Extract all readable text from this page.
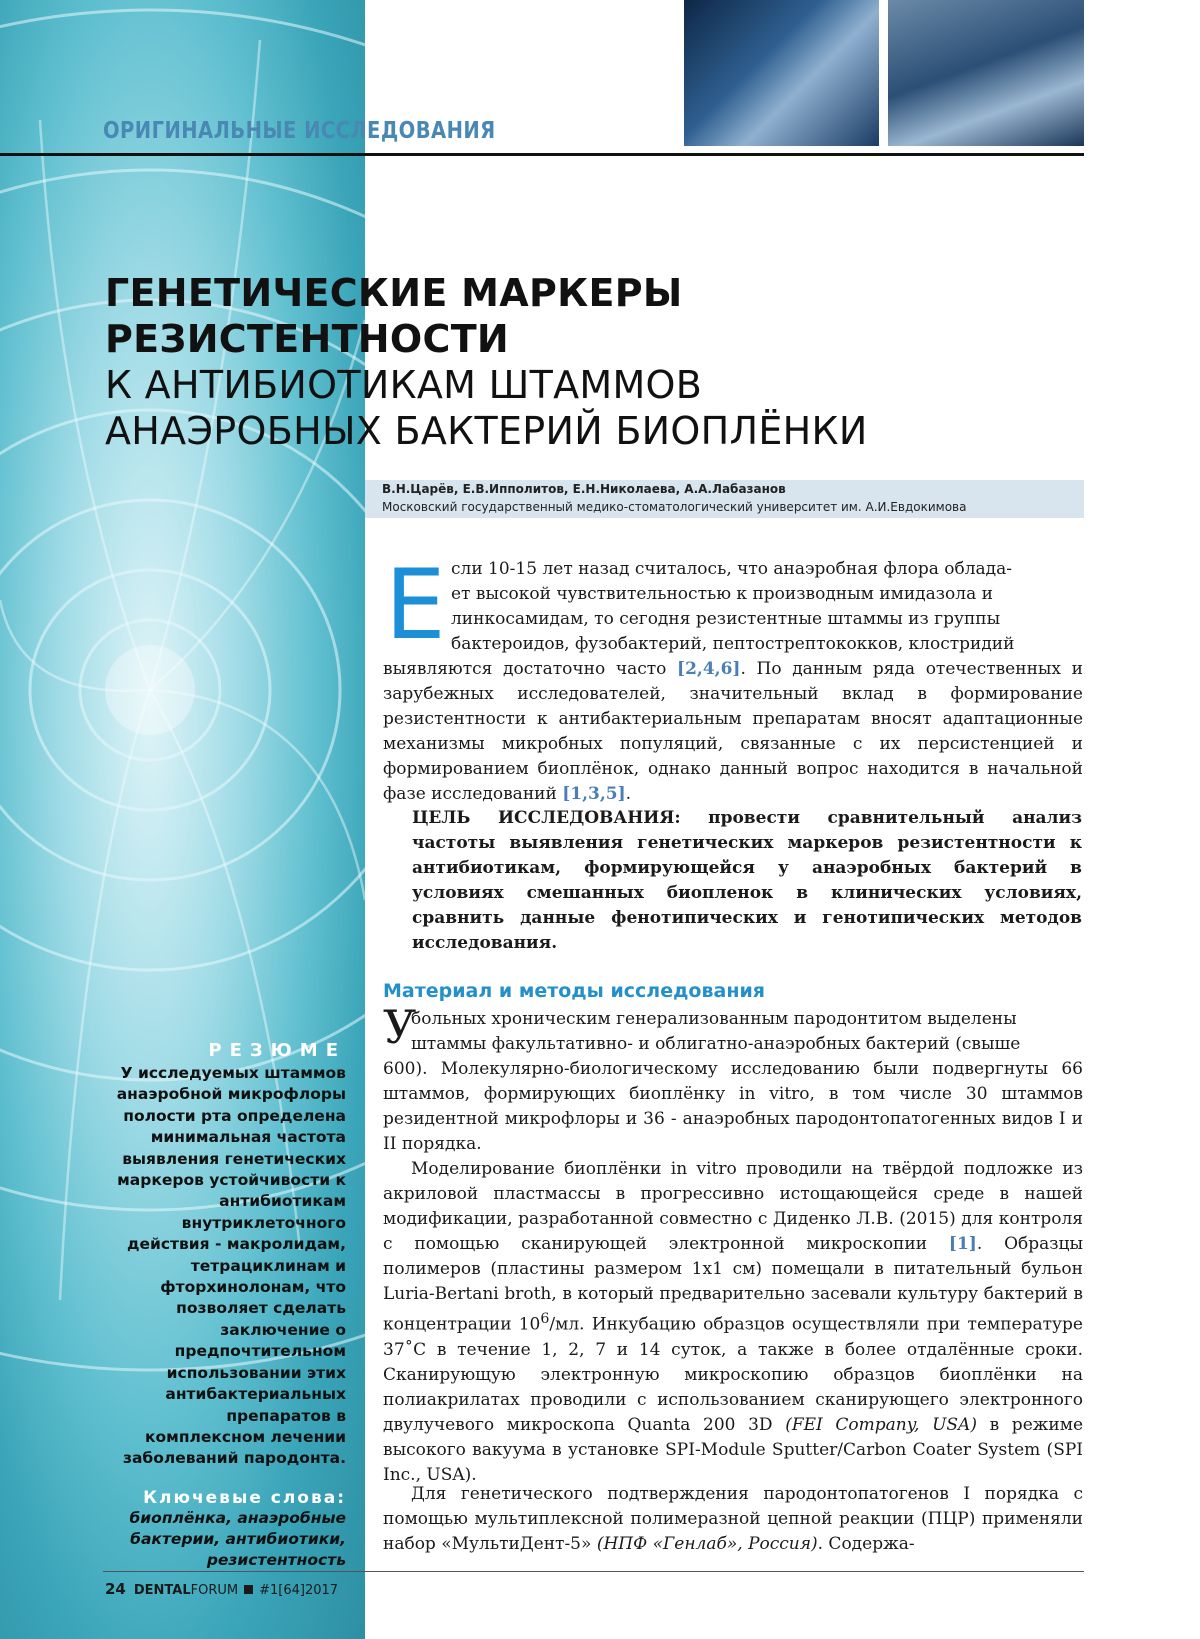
ОРИГИНАЛЬНЫЕ ИССЛЕДОВАНИЯ
ГЕНЕТИЧЕСКИЕ МАРКЕРЫ
РЕЗИСТЕНТНОСТИ
К АНТИБИОТИКАМ ШТАММОВ
АНАЭРОБНЫХ БАКТЕРИЙ БИОПЛЁНКИ
В.Н.Царёв, Е.В.Ипполитов, Е.Н.Николаева, А.А.Лабазанов
Московский государственный медико-стоматологический университет им. А.И.Евдокимова
Е сли 10-15 лет назад считалось, что анаэробная флора облада-
ет высокой чувствительностью к производным имидазола и
линкосамидам, то сегодня резистентные штаммы из группы
бактероидов, фузобактерий, пептострептококков, клостридий
выявляются достаточно часто [2,4,6]. По данным ряда отечественных и зарубежных исследователей, значительный вклад в формирование резистентности к антибактериальным препаратам вносят адаптационные механизмы микробных популяций, связанные с их персистенцией и формированием биоплёнок, однако данный вопрос находится в начальной фазе исследований [1,3,5].

ЦЕЛЬ ИССЛЕДОВАНИЯ: провести сравнительный анализ частоты выявления генетических маркеров резистентности к антибиотикам, формирующейся у анаэробных бактерий в условиях смешанных биопленок в клинических условиях, сравнить данные фенотипических и генотипических методов исследования.

Материал и методы исследования
У

больных хроническим генерализованным пародонтитом выделены
штаммы факультативно- и облигатно-анаэробных бактерий (свыше
600). Молекулярно-биологическому исследованию были подвергнуты 66 штаммов, формирующих биоплёнку in vitro, в том числе 30 штаммов резидентной микрофлоры и 36 - анаэробных пародонтопатогенных видов I и II порядка.

Моделирование биоплёнки in vitro проводили на твёрдой подложке из акриловой пластмассы в прогрессивно истощающейся среде в нашей модификации, разработанной совместно с Диденко Л.В. (2015) для контроля с помощью сканирующей электронной микроскопии [1]. Образцы полимеров (пластины размером 1х1 см) помещали в питательный бульон Luria-Bertani broth, в который предварительно засевали культуру бактерий в концентрации $10^6/мл$. Инкубацию образцов осуществляли при температуре 37˚С в течение 1, 2, 7 и 14 суток, а также в более отдалённые сроки. Сканирующую электронную микроскопию образцов биоплёнки на полиакрилатах проводили с использованием сканирующего электронного двулучевого микроскопа Quanta 200 3D (FEI Company, USA) в режиме высокого вакуума в установке SPI-Module Sputter/Carbon Coater System (SPI Inc., USA).

Для генетического подтверждения пародонтопатогенов I порядка с помощью мультиплексной полимеразной цепной реакции (ПЦР) применяли набор «МультиДент-5» (НПФ «Генлаб», Россия). Содержа-

РЕЗЮМЕ
У исследуемых штаммов анаэробной микрофлоры полости рта определена минимальная частота выявления генетических маркеров устойчивости к антибиотикам внутриклеточного действия - макролидам, тетрациклинам и фторхинолонам, что позволяет сделать заключение о предпочтительном использовании этих антибактериальных препаратов в комплексном лечении заболеваний пародонта.
Ключевые слова:
биоплёнка, анаэробные бактерии, антибиотики, резистентность
24 DENTALFORUM #1[64]2017
